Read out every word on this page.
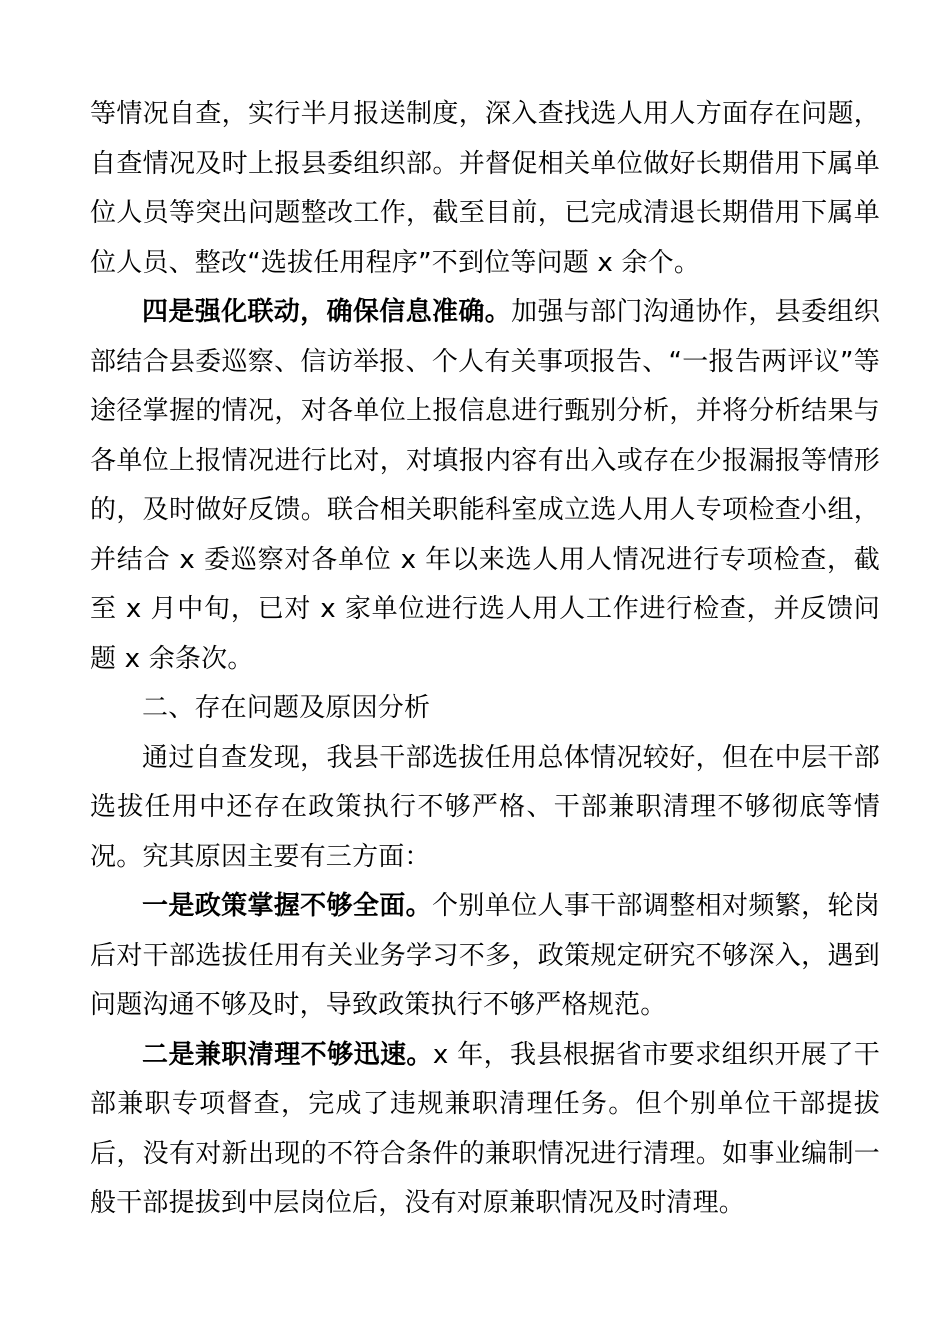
等情况自查，实行半月报送制度，深入查找选人用人方面存在问题，自查情况及时上报县委组织部。并督促相关单位做好长期借用下属单位人员等突出问题整改工作，截至目前，已完成清退长期借用下属单位人员、整改“选拔任用程序”不到位等问题 x 余个。

四是强化联动，确保信息准确。加强与部门沟通协作，县委组织部结合县委巡察、信访举报、个人有关事项报告、“一报告两评议”等途径掌握的情况，对各单位上报信息进行甄别分析，并将分析结果与各单位上报情况进行比对，对填报内容有出入或存在少报漏报等情形的，及时做好反馈。联合相关职能科室成立选人用人专项检查小组，并结合 x 委巡察对各单位 x 年以来选人用人情况进行专项检查，截至 x 月中旬，已对 x 家单位进行选人用人工作进行检查，并反馈问题 x 余条次。

二、存在问题及原因分析

通过自查发现，我县干部选拔任用总体情况较好，但在中层干部选拔任用中还存在政策执行不够严格、干部兼职清理不够彻底等情况。究其原因主要有三方面：

一是政策掌握不够全面。个别单位人事干部调整相对频繁，轮岗后对干部选拔任用有关业务学习不多，政策规定研究不够深入，遇到问题沟通不够及时，导致政策执行不够严格规范。

二是兼职清理不够迅速。x 年，我县根据省市要求组织开展了干部兼职专项督查，完成了违规兼职清理任务。但个别单位干部提拔后，没有对新出现的不符合条件的兼职情况进行清理。如事业编制一般干部提拔到中层岗位后，没有对原兼职情况及时清理。
